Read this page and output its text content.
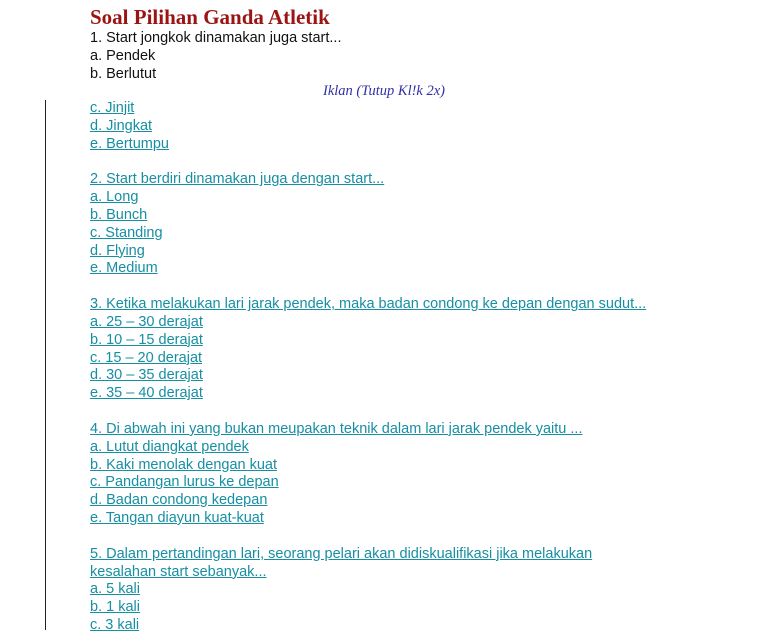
Soal Pilihan Ganda Atletik
1. Start jongkok dinamakan juga start...
a. Pendek
b. Berlutut
Iklan (Tutup Kl!k 2x)
c. Jinjit
d. Jingkat
e. Bertumpu
2. Start berdiri dinamakan juga dengan start...
a. Long
b. Bunch
c. Standing
d. Flying
e. Medium
3. Ketika melakukan lari jarak pendek, maka badan condong ke depan dengan sudut...
a. 25 – 30 derajat
b. 10 – 15 derajat
c. 15 – 20 derajat
d. 30 – 35 derajat
e. 35 – 40 derajat
4. Di abwah ini yang bukan meupakan teknik dalam lari jarak pendek yaitu ...
a. Lutut diangkat pendek
b. Kaki menolak dengan kuat
c. Pandangan lurus ke depan
d. Badan condong kedepan
e. Tangan diayun kuat-kuat
5. Dalam pertandingan lari, seorang pelari akan didiskualifikasi jika melakukan
kesalahan start sebanyak...
a. 5 kali
b. 1 kali
c. 3 kali
